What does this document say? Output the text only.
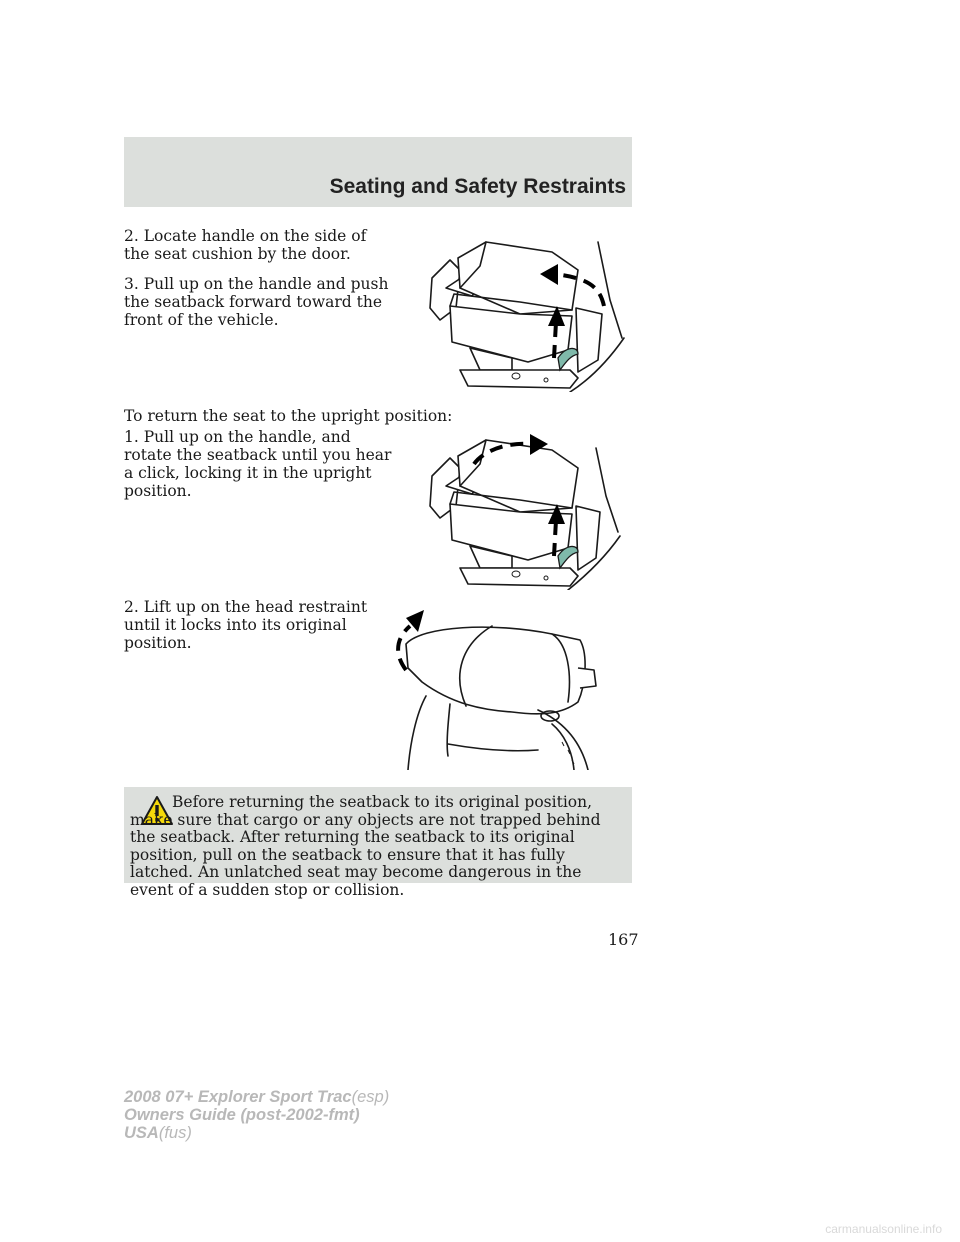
Seating and Safety Restraints

2. Locate handle on the side of the seat cushion by the door.

3. Pull up on the handle and push the seatback forward toward the front of the vehicle.

To return the seat to the upright position:

1. Pull up on the handle, and rotate the seatback until you hear a click, locking it in the upright position.

2. Lift up on the head restraint until it locks into its original position.

Before returning the seatback to its original position, make sure that cargo or any objects are not trapped behind the seatback. After returning the seatback to its original position, pull on the seatback to ensure that it has fully latched. An unlatched seat may become dangerous in the event of a sudden stop or collision.

167
2008 07+ Explorer Sport Trac(esp)
Owners Guide (post-2002-fmt)
USA(fus)
carmanualsonline.info
